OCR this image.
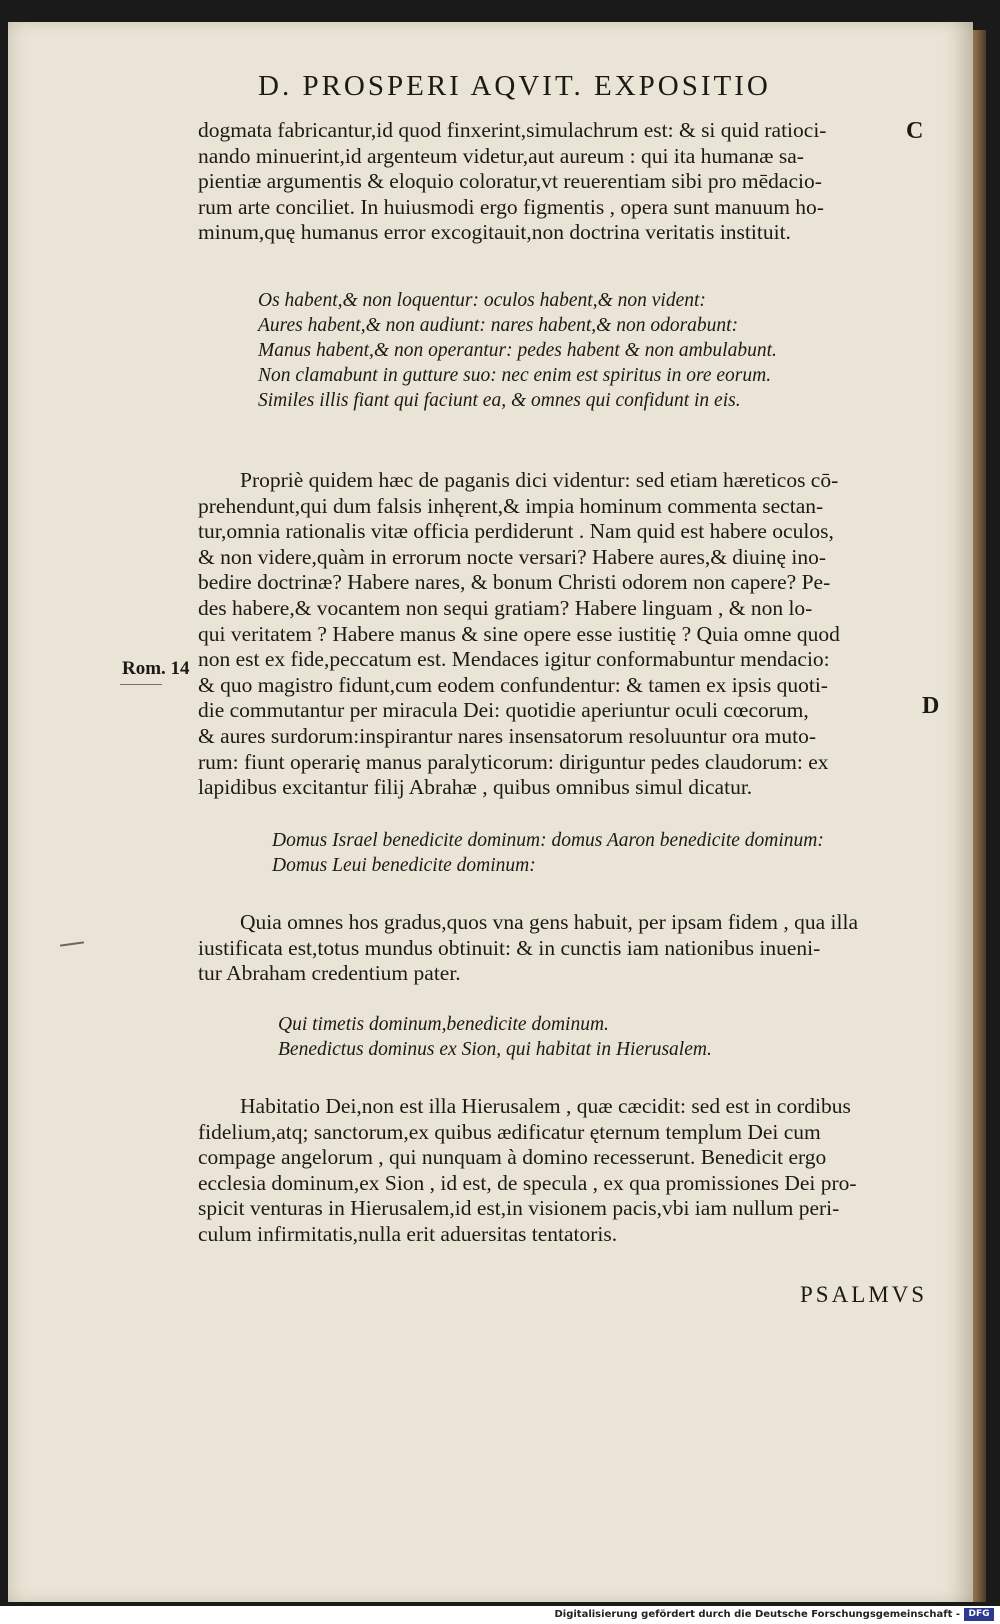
D. PROSPERI AQVIT. EXPOSITIO
C
D
Rom. 14
dogmata fabricantur,id quod finxerint,simulachrum est: & si quid ratioci-
nando minuerint,id argenteum videtur,aut aureum : qui ita humanæ sa-
pientiæ argumentis & eloquio coloratur,vt reuerentiam sibi pro mēdacio-
rum arte conciliet. In huiusmodi ergo figmentis , opera sunt manuum ho-
minum,quę humanus error excogitauit,non doctrina veritatis instituit.
Os habent,& non loquentur: oculos habent,& non vident:
Aures habent,& non audiunt: nares habent,& non odorabunt:
Manus habent,& non operantur: pedes habent & non ambulabunt.
Non clamabunt in gutture suo: nec enim est spiritus in ore eorum.
Similes illis fiant qui faciunt ea, & omnes qui confidunt in eis.
Propriè quidem hæc de paganis dici videntur: sed etiam hæreticos cō-
prehendunt,qui dum falsis inhęrent,& impia hominum commenta sectan-
tur,omnia rationalis vitæ officia perdiderunt . Nam quid est habere oculos,
& non videre,quàm in errorum nocte versari? Habere aures,& diuinę ino-
bedire doctrinæ? Habere nares, & bonum Christi odorem non capere? Pe-
des habere,& vocantem non sequi gratiam? Habere linguam , & non lo-
qui veritatem ? Habere manus & sine opere esse iustitię ? Quia omne quod
non est ex fide,peccatum est. Mendaces igitur conformabuntur mendacio:
& quo magistro fidunt,cum eodem confundentur: & tamen ex ipsis quoti-
die commutantur per miracula Dei: quotidie aperiuntur oculi cœcorum,
& aures surdorum:inspirantur nares insensatorum resoluuntur ora muto-
rum: fiunt operarię manus paralyticorum: diriguntur pedes claudorum: ex
lapidibus excitantur filij Abrahæ , quibus omnibus simul dicatur.
Domus Israel benedicite dominum: domus Aaron benedicite dominum:
Domus Leui benedicite dominum:
Quia omnes hos gradus,quos vna gens habuit, per ipsam fidem , qua illa
iustificata est,totus mundus obtinuit: & in cunctis iam nationibus inueni-
tur Abraham credentium pater.
Qui timetis dominum,benedicite dominum.
Benedictus dominus ex Sion, qui habitat in Hierusalem.
Habitatio Dei,non est illa Hierusalem , quæ cæcidit: sed est in cordibus
fidelium,atq; sanctorum,ex quibus ædificatur ęternum templum Dei cum
compage angelorum , qui nunquam à domino recesserunt. Benedicit ergo
ecclesia dominum,ex Sion , id est, de specula , ex qua promissiones Dei pro-
spicit venturas in Hierusalem,id est,in visionem pacis,vbi iam nullum peri-
culum infirmitatis,nulla erit aduersitas tentatoris.
PSALMVS
Digitalisierung gefördert durch die Deutsche Forschungsgemeinschaft - DFG
